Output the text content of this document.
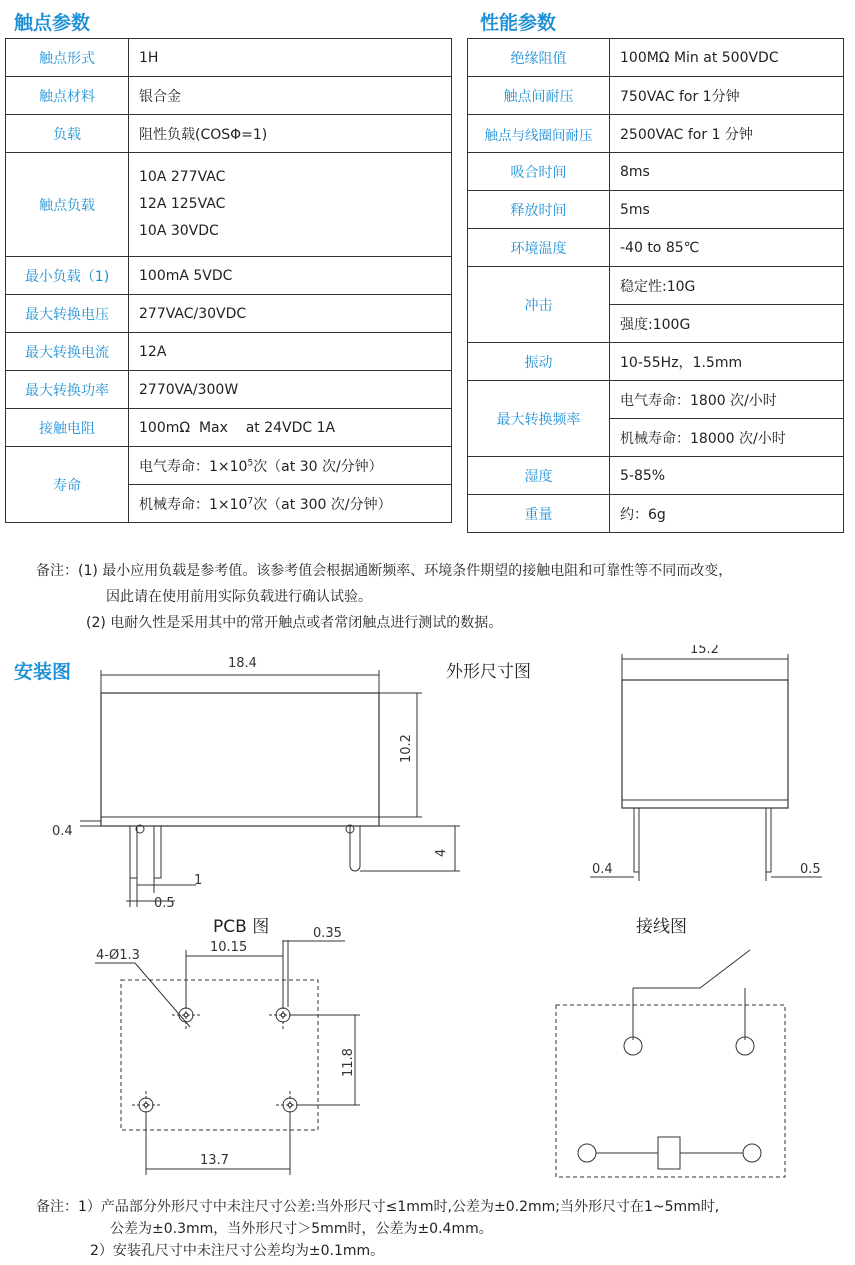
触点参数	性能参数
触点形式	1H
触点材料	银合金
负载	阻性负载(COSΦ=1)
触点负载	10A 277VAC
12A 125VAC
10A 30VDC

最小负载（1)	100mA 5VDC
最大转换电压	277VAC/30VDC
最大转换电流	12A
最大转换功率	2770VA/300W
接触电阻	100mΩ  Max    at 24VDC 1A
寿命	电气寿命：$1\times 10^5$次（at 30 次/分钟）
	机械寿命：$1\times 10^7$次（at 300 次/分钟）
绝缘阻值	100MΩ Min at 500VDC
触点间耐压	750VAC for 1分钟
触点与线圈间耐压	2500VAC for 1 分钟
吸合时间	8ms
释放时间	5ms
环境温度	-40 to 85℃
冲击	稳定性:10G
	强度:100G
振动	10-55Hz，1.5mm
最大转换频率	电气寿命：1800 次/小时
	机械寿命：18000 次/小时
湿度	5-85%
重量	约：6g
备注：(1) 最小应用负载是参考值。该参考值会根据通断频率、环境条件期望的接触电阻和可靠性等不同而改变，
因此请在使用前用实际负载进行确认试验。
(2) 电耐久性是采用其中的常开触点或者常闭触点进行测试的数据。
安装图	外形尺寸图
PCB 图	接线图
18.4
10.2
4
0.4
1
0.5
15.2
0.4	0.5
4-Ø1.3
10.15
0.35
11.8
13.7
备注：1）产品部分外形尺寸中未注尺寸公差:当外形尺寸≤1mm时,公差为±0.2mm;当外形尺寸在1~5mm时,
公差为±0.3mm，当外形尺寸＞5mm时，公差为±0.4mm。
2）安装孔尺寸中未注尺寸公差均为±0.1mm。
